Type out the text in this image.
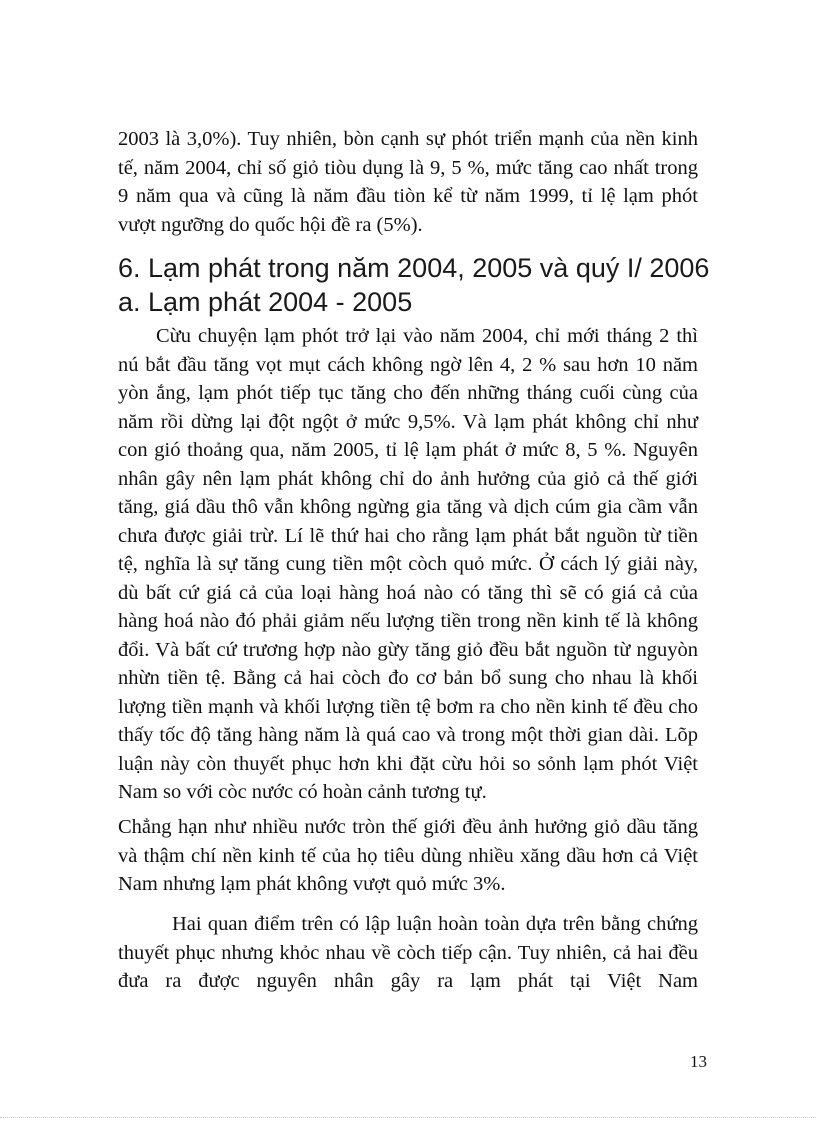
2003 là 3,0%). Tuy nhiên, bòn cạnh sự phót triển mạnh của nền kinh tế, năm 2004, chỉ số giỏ tiòu dụng là 9, 5 %, mức tăng cao nhất trong 9 năm qua và cũng là năm đầu tiòn kể từ năm 1999, tỉ lệ lạm phót vượt ngưỡng do quốc hội đề ra (5%).

6. Lạm phát trong năm 2004, 2005 và quý I/ 2006
a. Lạm phát 2004 - 2005

Cừu chuyện lạm phót trở lại vào năm 2004, chỉ mới tháng 2 thì nú bắt đầu tăng vọt mụt cách không ngờ lên 4, 2 % sau hơn 10 năm yòn ắng, lạm phót tiếp tục tăng cho đến những tháng cuối cùng của năm rồi dừng lại đột ngột ở mức 9,5%. Và lạm phát không chỉ như con gió thoảng qua, năm 2005, tỉ lệ lạm phát ở mức 8, 5 %. Nguyên nhân gây nên lạm phát không chỉ do ảnh hưởng của giỏ cả thế giới tăng, giá dầu thô vẫn không ngừng gia tăng và dịch cúm gia cầm vẫn chưa được giải trừ. Lí lẽ thứ hai cho rằng lạm phát bắt nguồn từ tiền tệ, nghĩa là sự tăng cung tiền một còch quỏ mức. Ở cách lý giải này, dù bất cứ giá cả của loại hàng hoá nào có tăng thì sẽ có giá cả của hàng hoá nào đó phải giảm nếu lượng tiền trong nền kinh tế là không đổi. Và bất cứ trương hợp nào gừy tăng giỏ đều bắt nguồn từ nguyòn nhừn tiền tệ. Bằng cả hai còch đo cơ bản bổ sung cho nhau là khối lượng tiền mạnh và khối lượng tiền tệ bơm ra cho nền kinh tế đều cho thấy tốc độ tăng hàng năm là quá cao và trong một thời gian dài. Lõp luận này còn thuyết phục hơn khi đặt cừu hỏi so sỏnh lạm phót Việt Nam so với còc nước có hoàn cảnh tương tự.

Chẳng hạn như nhiều nước tròn thế giới đều ảnh hưởng giỏ dầu tăng và thậm chí nền kinh tế của họ tiêu dùng nhiều xăng dầu hơn cả Việt Nam nhưng lạm phát không vượt quỏ mức 3%.

Hai quan điểm trên có lập luận hoàn toàn dựa trên bằng chứng thuyết phục nhưng khỏc nhau về còch tiếp cận. Tuy nhiên, cả hai đều đưa ra được nguyên nhân gây ra lạm phát tại Việt Nam

13
